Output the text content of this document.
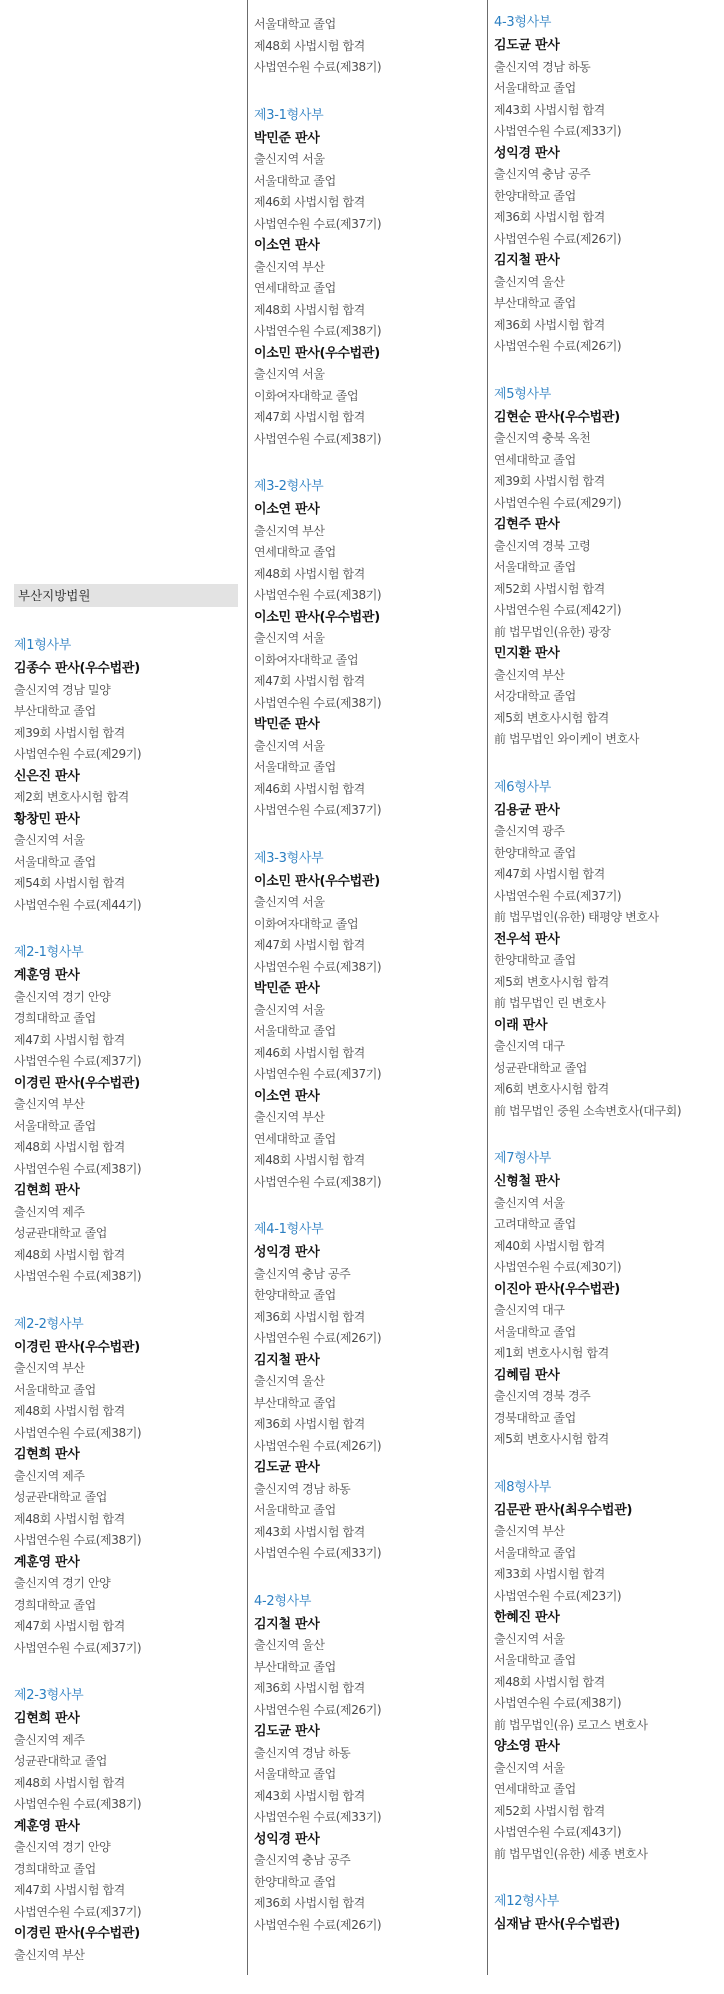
부산지방법원
제1형사부
김종수 판사(우수법관)
출신지역 경남 밀양
부산대학교 졸업
제39회 사법시험 합격
사법연수원 수료(제29기)
신은진 판사
제2회 변호사시험 합격
황창민 판사
출신지역 서울
서울대학교 졸업
제54회 사법시험 합격
사법연수원 수료(제44기)
제2-1형사부
계훈영 판사
출신지역 경기 안양
경희대학교 졸업
제47회 사법시험 합격
사법연수원 수료(제37기)
이경린 판사(우수법관)
출신지역 부산
서울대학교 졸업
제48회 사법시험 합격
사법연수원 수료(제38기)
김현희 판사
출신지역 제주
성균관대학교 졸업
제48회 사법시험 합격
사법연수원 수료(제38기)
제2-2형사부
이경린 판사(우수법관)
출신지역 부산
서울대학교 졸업
제48회 사법시험 합격
사법연수원 수료(제38기)
김현희 판사
출신지역 제주
성균관대학교 졸업
제48회 사법시험 합격
사법연수원 수료(제38기)
계훈영 판사
출신지역 경기 안양
경희대학교 졸업
제47회 사법시험 합격
사법연수원 수료(제37기)
제2-3형사부
김현희 판사
출신지역 제주
성균관대학교 졸업
제48회 사법시험 합격
사법연수원 수료(제38기)
계훈영 판사
출신지역 경기 안양
경희대학교 졸업
제47회 사법시험 합격
사법연수원 수료(제37기)
이경린 판사(우수법관)
출신지역 부산
서울대학교 졸업
제48회 사법시험 합격
사법연수원 수료(제38기)
제3-1형사부
박민준 판사
출신지역 서울
서울대학교 졸업
제46회 사법시험 합격
사법연수원 수료(제37기)
이소연 판사
출신지역 부산
연세대학교 졸업
제48회 사법시험 합격
사법연수원 수료(제38기)
이소민 판사(우수법관)
출신지역 서울
이화여자대학교 졸업
제47회 사법시험 합격
사법연수원 수료(제38기)
제3-2형사부
이소연 판사
출신지역 부산
연세대학교 졸업
제48회 사법시험 합격
사법연수원 수료(제38기)
이소민 판사(우수법관)
출신지역 서울
이화여자대학교 졸업
제47회 사법시험 합격
사법연수원 수료(제38기)
박민준 판사
출신지역 서울
서울대학교 졸업
제46회 사법시험 합격
사법연수원 수료(제37기)
제3-3형사부
이소민 판사(우수법관)
출신지역 서울
이화여자대학교 졸업
제47회 사법시험 합격
사법연수원 수료(제38기)
박민준 판사
출신지역 서울
서울대학교 졸업
제46회 사법시험 합격
사법연수원 수료(제37기)
이소연 판사
출신지역 부산
연세대학교 졸업
제48회 사법시험 합격
사법연수원 수료(제38기)
제4-1형사부
성익경 판사
출신지역 충남 공주
한양대학교 졸업
제36회 사법시험 합격
사법연수원 수료(제26기)
김지철 판사
출신지역 울산
부산대학교 졸업
제36회 사법시험 합격
사법연수원 수료(제26기)
김도균 판사
출신지역 경남 하동
서울대학교 졸업
제43회 사법시험 합격
사법연수원 수료(제33기)
4-2형사부
김지철 판사
출신지역 울산
부산대학교 졸업
제36회 사법시험 합격
사법연수원 수료(제26기)
김도균 판사
출신지역 경남 하동
서울대학교 졸업
제43회 사법시험 합격
사법연수원 수료(제33기)
성익경 판사
출신지역 충남 공주
한양대학교 졸업
제36회 사법시험 합격
사법연수원 수료(제26기)
4-3형사부
김도균 판사
출신지역 경남 하동
서울대학교 졸업
제43회 사법시험 합격
사법연수원 수료(제33기)
성익경 판사
출신지역 충남 공주
한양대학교 졸업
제36회 사법시험 합격
사법연수원 수료(제26기)
김지철 판사
출신지역 울산
부산대학교 졸업
제36회 사법시험 합격
사법연수원 수료(제26기)
제5형사부
김현순 판사(우수법관)
출신지역 충북 옥천
연세대학교 졸업
제39회 사법시험 합격
사법연수원 수료(제29기)
김현주 판사
출신지역 경북 고령
서울대학교 졸업
제52회 사법시험 합격
사법연수원 수료(제42기)
前 법무법인(유한) 광장
민지환 판사
출신지역 부산
서강대학교 졸업
제5회 변호사시험 합격
前 법무법인 와이케이 변호사
제6형사부
김용균 판사
출신지역 광주
한양대학교 졸업
제47회 사법시험 합격
사법연수원 수료(제37기)
前 법무법인(유한) 태평양 변호사
전우석 판사
한양대학교 졸업
제5회 변호사시험 합격
前 법무법인 린 변호사
이래 판사
출신지역 대구
성균관대학교 졸업
제6회 변호사시험 합격
前 법무법인 중원 소속변호사(대구회)
제7형사부
신형철 판사
출신지역 서울
고려대학교 졸업
제40회 사법시험 합격
사법연수원 수료(제30기)
이진아 판사(우수법관)
출신지역 대구
서울대학교 졸업
제1회 변호사시험 합격
김혜림 판사
출신지역 경북 경주
경북대학교 졸업
제5회 변호사시험 합격
제8형사부
김문관 판사(최우수법관)
출신지역 부산
서울대학교 졸업
제33회 사법시험 합격
사법연수원 수료(제23기)
한혜진 판사
출신지역 서울
서울대학교 졸업
제48회 사법시험 합격
사법연수원 수료(제38기)
前 법무법인(유) 로고스 변호사
양소영 판사
출신지역 서울
연세대학교 졸업
제52회 사법시험 합격
사법연수원 수료(제43기)
前 법무법인(유한) 세종 변호사
제12형사부
심재남 판사(우수법관)
